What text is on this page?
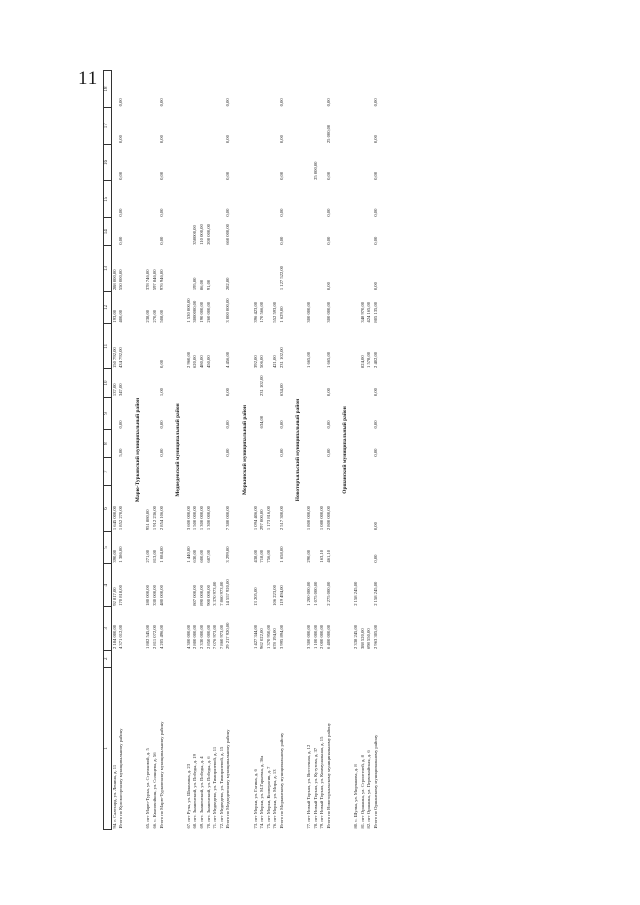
11
1	2	3	4	5	6	7	8	9	10	11	12	13	14	15	16	17	18
94. г. Салехард, ул. Ленина, д. 11		2 184 000,00	92 817,00	390,00	1 645 000,00				137,00	150 792,00	193,00	288 000,00					
Итого по Куловаторскому муниципальному району		4 371 012,00	170 818,00	1 386,00	1 852 270,00		5,00	0,00	347,00	434 792,00	400,00	550 000,00	0,00	0,00	0,00	0,00	0,00
Марю-Турковский муниципальный район																	
65. пгт Марю-Турка, ул. Стрелковой, д. 5		1 882 545,00	180 000,00	271,00	951 880,00						238,00	378 746,00					
66. с. Квасовойкин, ул. Солнцева, д. 56		2 811 072,00	330 000,00	813,00	1 912 236,00						270,00	597 846,00					
Итого по Марю-Турковскому муниципальному району		4 205 496,00	480 000,00	1 084,00	2 854 106,00		0,00	0,00	1,00	0,00	508,00	976 946,00	0,00	0,00	0,00	0,00	0,00
Медведевский муниципальный район																	
67. пгт Руча, ул. Шоколина, д. 23		4 300 000,00		1 440,00	3 600 000,00					2 960,00	1 530 000,00						
68. пгт. Знаменский, ул. Победы, д. 19		2 800 000,00	807 000,00	630,00	1 500 000,00					620,00	3000000,00	195,00	350000,00				
69. пгт. Знаменский, ул. Победы, д. 4		2 330 000,00	890 000,00	600,00	1 300 000,00					480,00	190 000,00	86,00	110 000,00				
70. пгт. Знаменский, ул. Победы, д. 6		2 850 000,00	900 000,00	687,00	1 300 000,00					450,00	260 000,00	91,00	200 000,00				
71. пгт Медведево, ул. Тимирязевой, д. 11		7 076 973,00	3 370 973,00														
72. пгт Медведево, ул. Тимирязевой, д. 15		7 860 973,00	7 860 973,00														
Итого по Медведевскому муниципальному району		29 217 920,00	14 557 920,00	3 299,00	7 380 000,00		0,00	0,00	0,00	4 456,00	3 000 000,00	282,00	660 000,00	0,00	0,00	0,00	0,00
Моркинский муниципальный район																	
73. пгт Морки, ул. Гагина, д. 6		1 427 344,00	13 205,00	438,00	1 094 406,00					392,00	396 423,00						
74. пгт Морки, ул. М.Гарьевка, д. 36а		962 022,00		718,00	297 000,00			634,00	231 102,00	506,00	170 566,00						
75. пгт Морки, Кооператив, д. 7		1 370 950,00		756,00	1 173 816,00												
76. пгт Морки, ул. Мира, д. 13		678 194,00	106 223,00							421,00	552 593,00						
Итого по Моркинскому муниципальному району		3 995 894,00	119 494,00	1 658,00	2 517 300,00		0,00	0,00	634,00	231 102,00	1 629,00	1 127 522,00	0,00	0,00	0,00	0,00	0,00
Новоторъяльский муниципальный район																	
77. пгт Новый Торъял, ул. Восточная, д. 12		3 300 000,00	1 200 000,00	290,00	1 800 000,00					1 665,00	300 000,00						
78. пгт Новый Торъял, ул. Кутузова, д. 37		1 100 000,00	1 075 000,00												25 000,00		
79. пгт Новый Торъял, ул. Коммунальная, д. 15		2 000 000,00		163,10	1 080 000,00												
Итого по Новоторъяльскому муниципальному району		6 400 000,00	2 275 000,00	461,10	2 800 000,00		0,00	0,00	0,00	1 665,00	300 000,00	0,00	0,00	0,00	0,00	25 000,00	0,00
Оршанский муниципальный район																	
80. с. Шулка, ул. Мирчакова, д. 8		2 338 245,00	2 158 245,00														
81. пгт Оршанка, ул. Строителей, д. 8		388 520,00								824,00	348 970,00						
82. пгт Оршанка, ул. Первомайская, д. 6		698 550,00								1 578,00	424 165,00						
Итого по Оршанскому муниципальному району		2 963 305,00	2 158 245,00	0,00	0,00		0,00	0,00	0,00	2 402,00	805 135,00	0,00	0,00	0,00	0,00	0,00	0,00
